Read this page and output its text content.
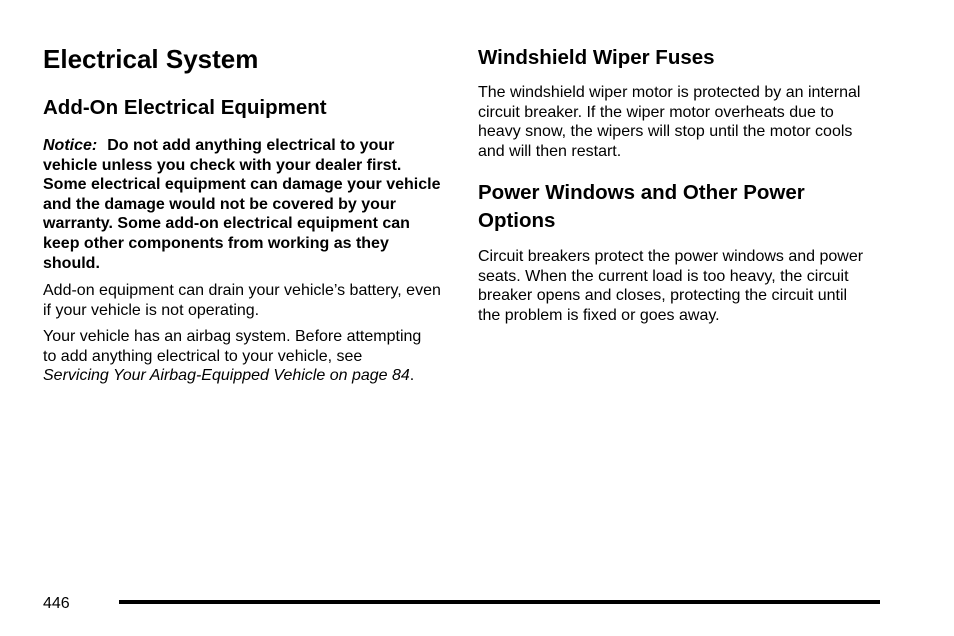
Electrical System
Add-On Electrical Equipment

Notice: Do not add anything electrical to your vehicle unless you check with your dealer first. Some electrical equipment can damage your vehicle and the damage would not be covered by your warranty. Some add-on electrical equipment can keep other components from working as they should.

Add-on equipment can drain your vehicle’s battery, even if your vehicle is not operating.

Your vehicle has an airbag system. Before attempting to add anything electrical to your vehicle, see Servicing Your Airbag-Equipped Vehicle on page 84.

Windshield Wiper Fuses

The windshield wiper motor is protected by an internal circuit breaker. If the wiper motor overheats due to heavy snow, the wipers will stop until the motor cools and will then restart.

Power Windows and Other Power Options

Circuit breakers protect the power windows and power seats. When the current load is too heavy, the circuit breaker opens and closes, protecting the circuit until the problem is fixed or goes away.

446
